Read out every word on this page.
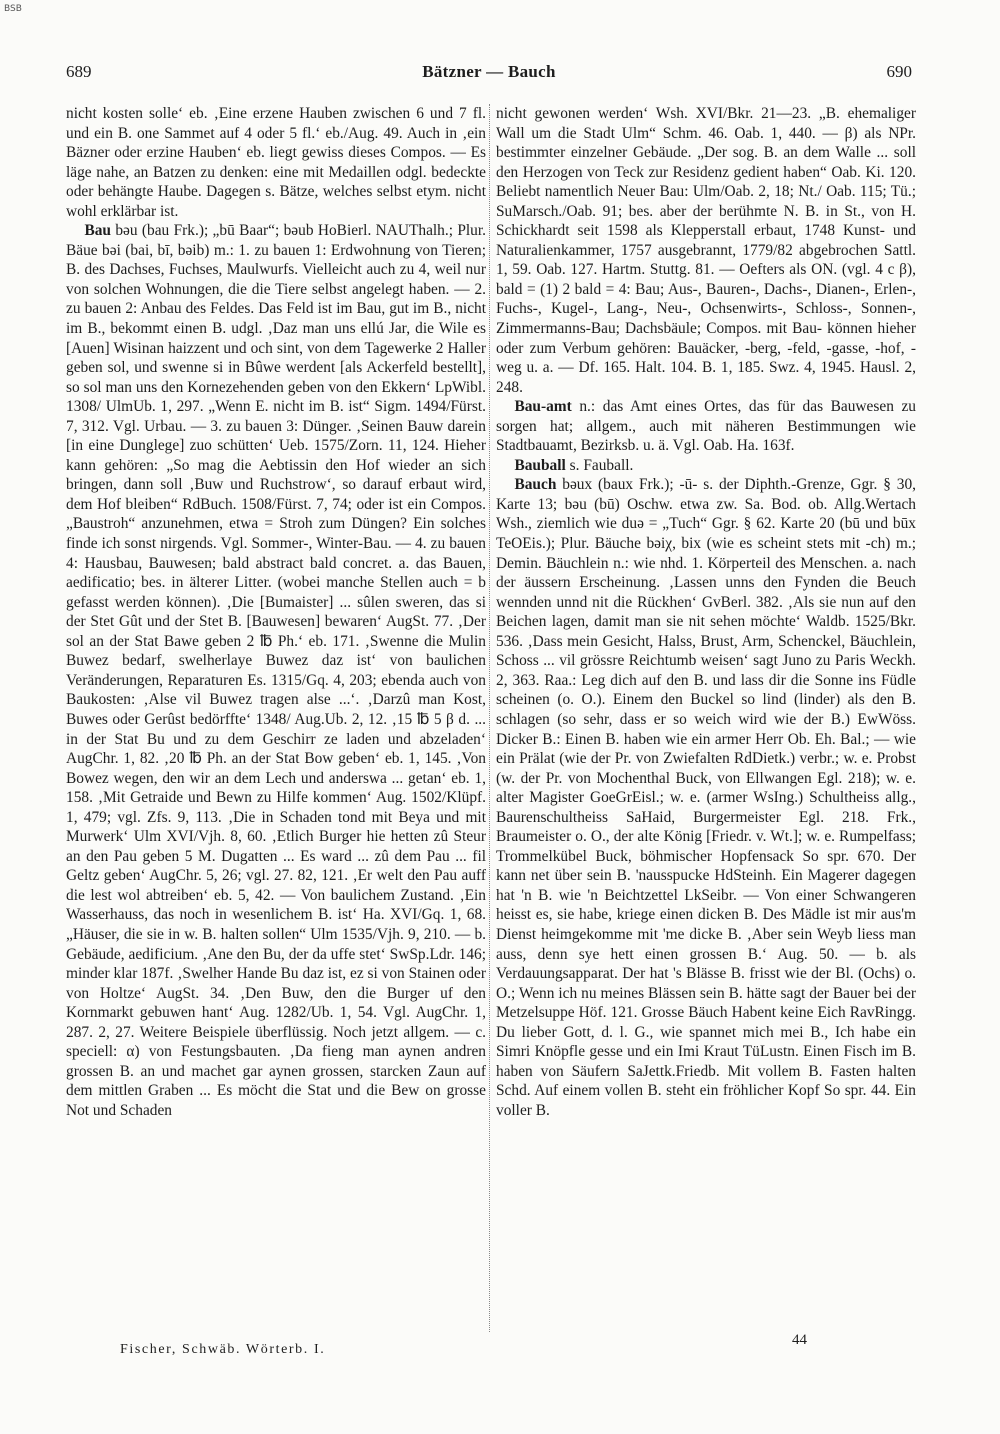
BSB
689	Bätzner — Bauch	690

nicht kosten solle‘ eb. ‚Eine erzene Hauben zwischen 6 und 7 fl. und ein B. one Sammet auf 4 oder 5 fl.‘ eb./Aug. 49. Auch in ‚ein Bäzner oder erzine Hauben‘ eb. liegt gewiss dieses Compos. — Es läge nahe, an Batzen zu denken: eine mit Medaillen odgl. bedeckte oder behängte Haube. Dagegen s. Bätze, welches selbst etym. nicht wohl erklärbar ist.

Bau bəu (bau Frk.); „bū Baar“; bəub HoBierl. NAUThalh.; Plur. Bäue bəi (bai, bī, bəib) m.: 1. zu bauen 1: Erdwohnung von Tieren; B. des Dachses, Fuchses, Maulwurfs. Vielleicht auch zu 4, weil nur von solchen Wohnungen, die die Tiere selbst angelegt haben. — 2. zu bauen 2: Anbau des Feldes. Das Feld ist im Bau, gut im B., nicht im B., bekommt einen B. udgl. ‚Daz man uns ellú Jar, die Wile es [Auen] Wisinan haizzent und och sint, von dem Tagewerke 2 Haller geben sol, und swenne si in Bûwe werdent [als Ackerfeld bestellt], so sol man uns den Kornezehenden geben von den Ekkern‘ LpWibl. 1308/ UlmUb. 1, 297. „Wenn E. nicht im B. ist“ Sigm. 1494/Fürst. 7, 312. Vgl. Urbau. — 3. zu bauen 3: Dünger. ‚Seinen Bauw darein [in eine Dunglege] zuo schütten‘ Ueb. 1575/Zorn. 11, 124. Hieher kann gehören: „So mag die Aebtissin den Hof wieder an sich bringen, dann soll ‚Buw und Ruchstrow‘, so darauf erbaut wird, dem Hof bleiben“ RdBuch. 1508/Fürst. 7, 74; oder ist ein Compos. „Baustroh“ anzunehmen, etwa = Stroh zum Düngen? Ein solches finde ich sonst nirgends. Vgl. Sommer-, Winter-Bau. — 4. zu bauen 4: Hausbau, Bauwesen; bald abstract bald concret. a. das Bauen, aedificatio; bes. in älterer Litter. (wobei manche Stellen auch = b gefasst werden können). ‚Die [Bumaister] ... sûlen sweren, das si der Stet Gût und der Stet B. [Bauwesen] bewaren‘ AugSt. 77. ‚Der sol an der Stat Bawe geben 2 ℔ Ph.‘ eb. 171. ‚Swenne die Mulin Buwez bedarf, swelherlaye Buwez daz ist‘ von baulichen Veränderungen, Reparaturen Es. 1315/Gq. 4, 203; ebenda auch von Baukosten: ‚Alse vil Buwez tragen alse ...‘. ‚Darzû man Kost, Buwes oder Gerûst bedörffte‘ 1348/ Aug.Ub. 2, 12. ‚15 ℔ 5 β d. ... in der Stat Bu und zu dem Geschirr ze laden und abzeladen‘ AugChr. 1, 82. ‚20 ℔ Ph. an der Stat Bow geben‘ eb. 1, 145. ‚Von Bowez wegen, den wir an dem Lech und anderswa ... getan‘ eb. 1, 158. ‚Mit Getraide und Bewn zu Hilfe kommen‘ Aug. 1502/Klüpf. 1, 479; vgl. Zfs. 9, 113. ‚Die in Schaden tond mit Beya und mit Murwerk‘ Ulm XVI/Vjh. 8, 60. ‚Etlich Burger hie hetten zû Steur an den Pau geben 5 M. Dugatten ... Es ward ... zû dem Pau ... fil Geltz geben‘ AugChr. 5, 26; vgl. 27. 82, 121. ‚Er welt den Pau auff die lest wol abtreiben‘ eb. 5, 42. — Von baulichem Zustand. ‚Ein Wasserhauss, das noch in wesenlichem B. ist‘ Ha. XVI/Gq. 1, 68. „Häuser, die sie in w. B. halten sollen“ Ulm 1535/Vjh. 9, 210. — b. Gebäude, aedificium. ‚Ane den Bu, der da uffe stet‘ SwSp.Ldr. 146; minder klar 187f. ‚Swelher Hande Bu daz ist, ez si von Stainen oder von Holtze‘ AugSt. 34. ‚Den Buw, den die Burger uf den Kornmarkt gebuwen hant‘ Aug. 1282/Ub. 1, 54. Vgl. AugChr. 1, 287. 2, 27. Weitere Beispiele überflüssig. Noch jetzt allgem. — c. speciell: α) von Festungsbauten. ‚Da fieng man aynen andren grossen B. an und machet gar aynen grossen, starcken Zaun auf dem mittlen Graben ... Es möcht die Stat und die Bew on grosse Not und Schaden

nicht gewonen werden‘ Wsh. XVI/Bkr. 21—23. „B. ehemaliger Wall um die Stadt Ulm“ Schm. 46. Oab. 1, 440. — β) als NPr. bestimmter einzelner Gebäude. „Der sog. B. an dem Walle ... soll den Herzogen von Teck zur Residenz gedient haben“ Oab. Ki. 120. Beliebt namentlich Neuer Bau: Ulm/Oab. 2, 18; Nt./ Oab. 115; Tü.; SuMarsch./Oab. 91; bes. aber der berühmte N. B. in St., von H. Schickhardt seit 1598 als Klepperstall erbaut, 1748 Kunst- und Naturalienkammer, 1757 ausgebrannt, 1779/82 abgebrochen Sattl. 1, 59. Oab. 127. Hartm. Stuttg. 81. — Oefters als ON. (vgl. 4 c β), bald = (1) 2 bald = 4: Bau; Aus-, Bauren-, Dachs-, Dianen-, Erlen-, Fuchs-, Kugel-, Lang-, Neu-, Ochsenwirts-, Schloss-, Sonnen-, Zimmermanns-Bau; Dachsbäule; Compos. mit Bau- können hieher oder zum Verbum gehören: Bauäcker, -berg, -feld, -gasse, -hof, -weg u. a. — Df. 165. Halt. 104. B. 1, 185. Swz. 4, 1945. Hausl. 2, 248.

Bau-amt n.: das Amt eines Ortes, das für das Bauwesen zu sorgen hat; allgem., auch mit näheren Bestimmungen wie Stadtbauamt, Bezirksb. u. ä. Vgl. Oab. Ha. 163f.

Bauball s. Fauball.

Bauch bəux (baux Frk.); -ū- s. der Diphth.-Grenze, Ggr. § 30, Karte 13; bəu (bū) Oschw. etwa zw. Sa. Bod. ob. Allg.Wertach Wsh., ziemlich wie duə = „Tuch“ Ggr. § 62. Karte 20 (bū und būx TeOEis.); Plur. Bäuche bəiχ, bix (wie es scheint stets mit -ch) m.; Demin. Bäuchlein n.: wie nhd. 1. Körperteil des Menschen. a. nach der äussern Erscheinung. ‚Lassen unns den Fynden die Beuch wennden unnd nit die Rückhen‘ GvBerl. 382. ‚Als sie nun auf den Beichen lagen, damit man sie nit sehen möchte‘ Waldb. 1525/Bkr. 536. ‚Dass mein Gesicht, Halss, Brust, Arm, Schenckel, Bäuchlein, Schoss ... vil grössre Reichtumb weisen‘ sagt Juno zu Paris Weckh. 2, 363. Raa.: Leg dich auf den B. und lass dir die Sonne ins Füdle scheinen (o. O.). Einem den Buckel so lind (linder) als den B. schlagen (so sehr, dass er so weich wird wie der B.) EwWöss. Dicker B.: Einen B. haben wie ein armer Herr Ob. Eh. Bal.; — wie ein Prälat (wie der Pr. von Zwiefalten RdDietk.) verbr.; w. e. Probst (w. der Pr. von Mochenthal Buck, von Ellwangen Egl. 218); w. e. alter Magister GoeGrEisl.; w. e. (armer WsIng.) Schultheiss allg., Baurenschultheiss SaHaid, Burgermeister Egl. 218. Frk., Braumeister o. O., der alte König [Friedr. v. Wt.]; w. e. Rumpelfass; Trommelkübel Buck, böhmischer Hopfensack So spr. 670. Der kann net über sein B. 'nausspucke HdSteinh. Ein Magerer dagegen hat 'n B. wie 'n Beichtzettel LkSeibr. — Von einer Schwangeren heisst es, sie habe, kriege einen dicken B. Des Mädle ist mir aus'm Dienst heimgekomme mit 'me dicke B. ‚Aber sein Weyb liess man auss, denn sye hett einen grossen B.‘ Aug. 50. — b. als Verdauungsapparat. Der hat 's Blässe B. frisst wie der Bl. (Ochs) o. O.; Wenn ich nu meines Blässen sein B. hätte sagt der Bauer bei der Metzelsuppe Höf. 121. Grosse Bäuch Habent keine Eich RavRingg. Du lieber Gott, d. l. G., wie spannet mich mei B., Ich habe ein Simri Knöpfle gesse und ein Imi Kraut TüLustn. Einen Fisch im B. haben von Säufern SaJettk.Friedb. Mit vollem B. Fasten halten Schd. Auf einem vollen B. steht ein fröhlicher Kopf So spr. 44. Ein voller B.

Fischer, Schwäb. Wörterb. I.
44
